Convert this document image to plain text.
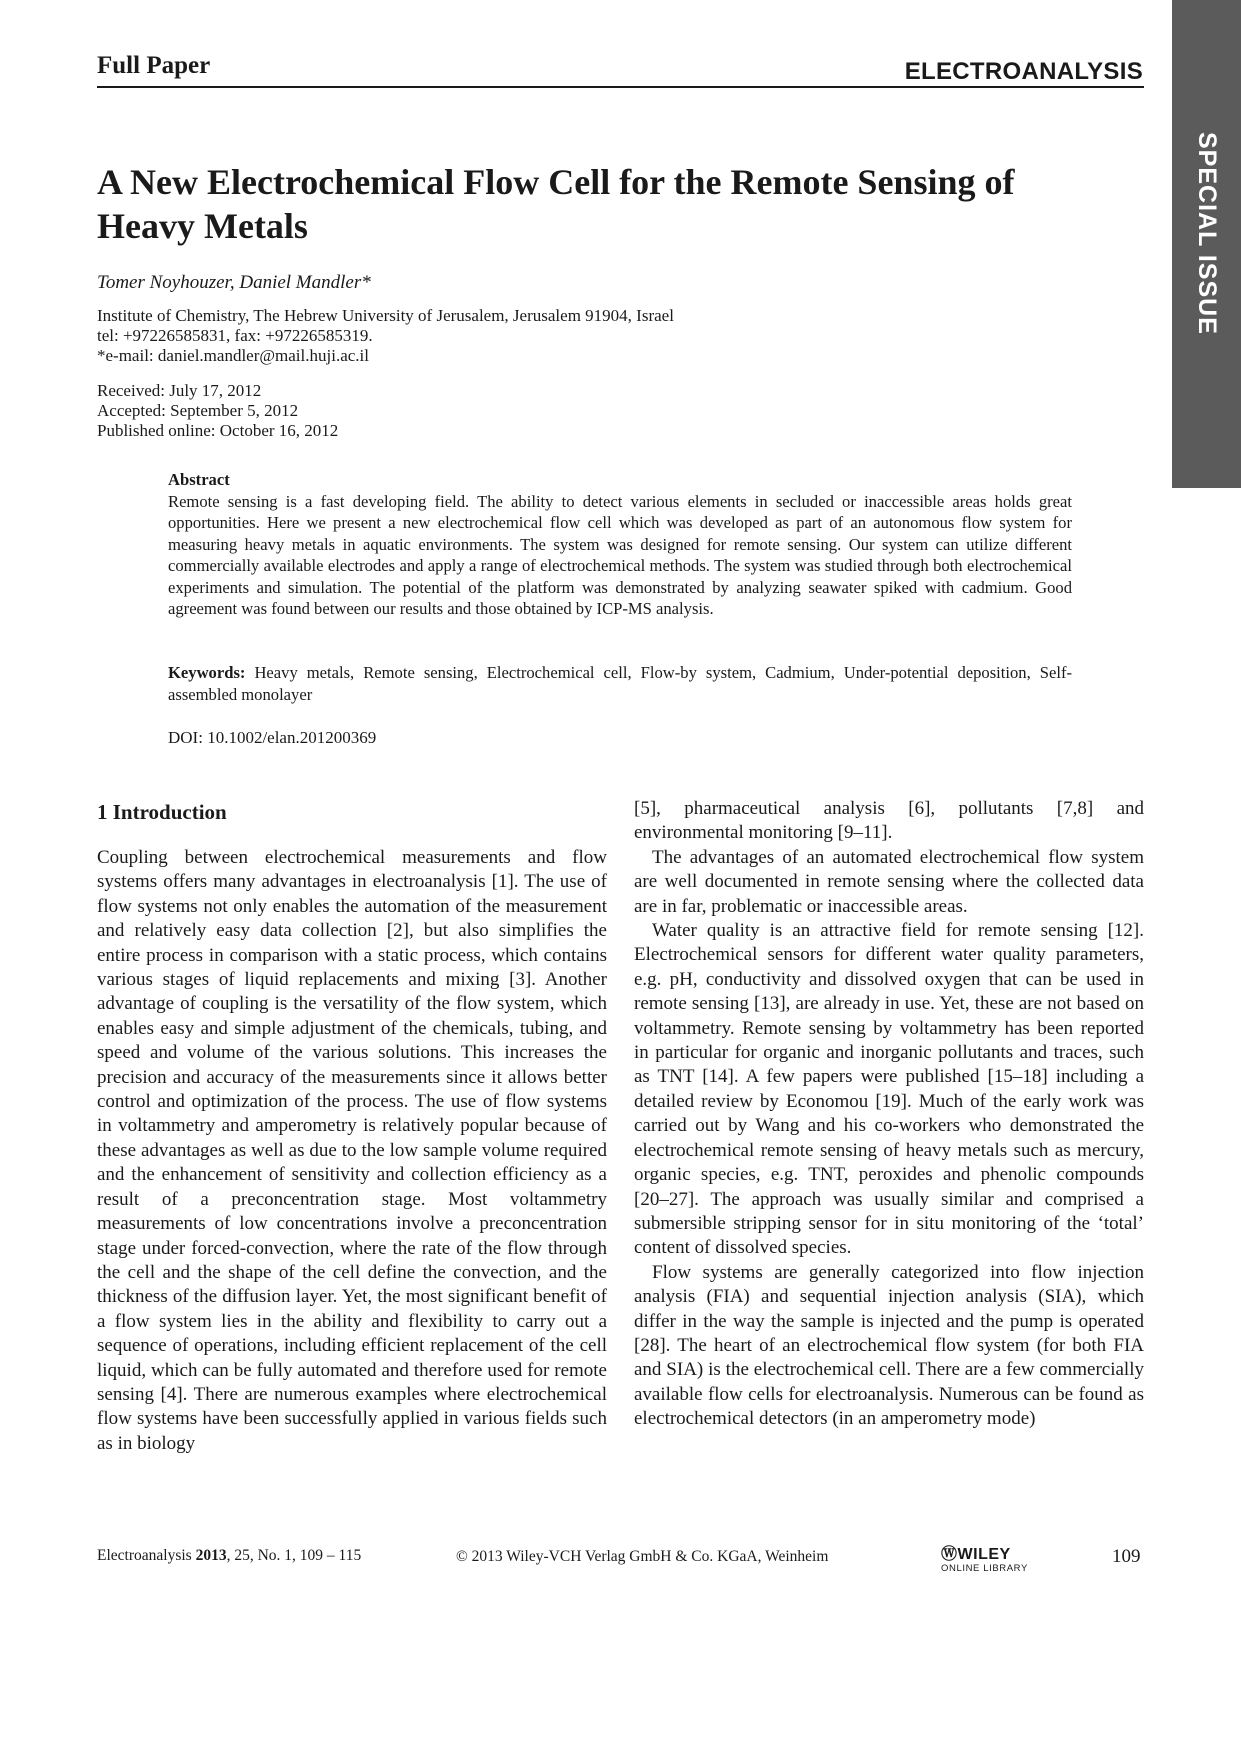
Full Paper	ELECTROANALYSIS
SPECIAL ISSUE
A New Electrochemical Flow Cell for the Remote Sensing of
Heavy Metals
Tomer Noyhouzer, Daniel Mandler*
Institute of Chemistry, The Hebrew University of Jerusalem, Jerusalem 91904, Israel
tel: +97226585831, fax: +97226585319.
*e-mail: daniel.mandler@mail.huji.ac.il
Received: July 17, 2012
Accepted: September 5, 2012
Published online: October 16, 2012
Abstract
Remote sensing is a fast developing field. The ability to detect various elements in secluded or inaccessible areas holds great opportunities. Here we present a new electrochemical flow cell which was developed as part of an autonomous flow system for measuring heavy metals in aquatic environments. The system was designed for remote sensing. Our system can utilize different commercially available electrodes and apply a range of electrochemical methods. The system was studied through both electrochemical experiments and simulation. The potential of the platform was demonstrated by analyzing seawater spiked with cadmium. Good agreement was found between our results and those obtained by ICP-MS analysis.
Keywords: Heavy metals, Remote sensing, Electrochemical cell, Flow-by system, Cadmium, Under-potential deposition, Self-assembled monolayer
DOI: 10.1002/elan.201200369
1 Introduction

Coupling between electrochemical measurements and flow systems offers many advantages in electroanalysis [1]. The use of flow systems not only enables the automation of the measurement and relatively easy data collection [2], but also simplifies the entire process in comparison with a static process, which contains various stages of liquid replacements and mixing [3]. Another advantage of coupling is the versatility of the flow system, which enables easy and simple adjustment of the chemicals, tubing, and speed and volume of the various solutions. This increases the precision and accuracy of the measurements since it allows better control and optimization of the process. The use of flow systems in voltammetry and amperometry is relatively popular because of these advantages as well as due to the low sample volume required and the enhancement of sensitivity and collection efficiency as a result of a preconcentration stage. Most voltammetry measurements of low concentrations involve a preconcentration stage under forced-convection, where the rate of the flow through the cell and the shape of the cell define the convection, and the thickness of the diffusion layer. Yet, the most significant benefit of a flow system lies in the ability and flexibility to carry out a sequence of operations, including efficient replacement of the cell liquid, which can be fully automated and therefore used for remote sensing [4]. There are numerous examples where electrochemical flow systems have been successfully applied in various fields such as in biology

[5], pharmaceutical analysis [6], pollutants [7,8] and environmental monitoring [9–11].

The advantages of an automated electrochemical flow system are well documented in remote sensing where the collected data are in far, problematic or inaccessible areas.

Water quality is an attractive field for remote sensing [12]. Electrochemical sensors for different water quality parameters, e.g. pH, conductivity and dissolved oxygen that can be used in remote sensing [13], are already in use. Yet, these are not based on voltammetry. Remote sensing by voltammetry has been reported in particular for organic and inorganic pollutants and traces, such as TNT [14]. A few papers were published [15–18] including a detailed review by Economou [19]. Much of the early work was carried out by Wang and his co-workers who demonstrated the electrochemical remote sensing of heavy metals such as mercury, organic species, e.g. TNT, peroxides and phenolic compounds [20–27]. The approach was usually similar and comprised a submersible stripping sensor for in situ monitoring of the ‘total’ content of dissolved species.

Flow systems are generally categorized into flow injection analysis (FIA) and sequential injection analysis (SIA), which differ in the way the sample is injected and the pump is operated [28]. The heart of an electrochemical flow system (for both FIA and SIA) is the electrochemical cell. There are a few commercially available flow cells for electroanalysis. Numerous can be found as electrochemical detectors (in an amperometry mode)

Electroanalysis 2013, 25, No. 1, 109 – 115	© 2013 Wiley-VCH Verlag GmbH & Co. KGaA, Weinheim	ⓌWILEY
ONLINE LIBRARY
109
